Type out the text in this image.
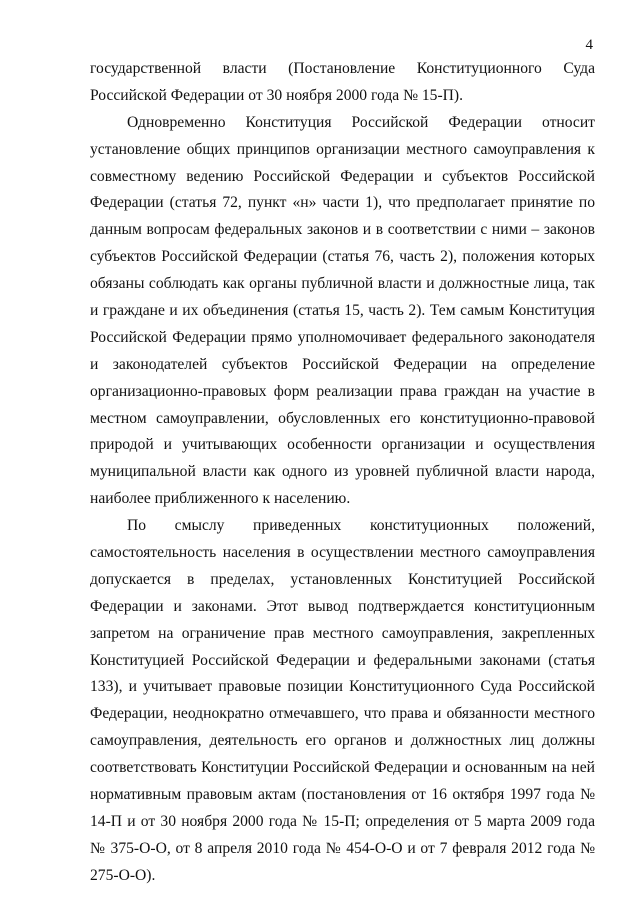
4
государственной власти (Постановление Конституционного Суда
Российской Федерации от 30 ноября 2000 года № 15-П).
Одновременно Конституция Российской Федерации относит
установление общих принципов организации местного самоуправления к
совместному ведению Российской Федерации и субъектов Российской
Федерации (статья 72, пункт «н» части 1), что предполагает принятие по
данным вопросам федеральных законов и в соответствии с ними – законов
субъектов Российской Федерации (статья 76, часть 2), положения которых
обязаны соблюдать как органы публичной власти и должностные лица, так
и граждане и их объединения (статья 15, часть 2). Тем самым Конституция
Российской Федерации прямо уполномочивает федерального законодателя
и законодателей субъектов Российской Федерации на определение
организационно-правовых форм реализации права граждан на участие в
местном самоуправлении, обусловленных его конституционно-правовой
природой и учитывающих особенности организации и осуществления
муниципальной власти как одного из уровней публичной власти народа,
наиболее приближенного к населению.
По смыслу приведенных конституционных положений,
самостоятельность населения в осуществлении местного самоуправления
допускается в пределах, установленных Конституцией Российской
Федерации и законами. Этот вывод подтверждается конституционным
запретом на ограничение прав местного самоуправления, закрепленных
Конституцией Российской Федерации и федеральными законами (статья
133), и учитывает правовые позиции Конституционного Суда Российской
Федерации, неоднократно отмечавшего, что права и обязанности местного
самоуправления, деятельность его органов и должностных лиц должны
соответствовать Конституции Российской Федерации и основанным на ней
нормативным правовым актам (постановления от 16 октября 1997 года №
14-П и от 30 ноября 2000 года № 15-П; определения от 5 марта 2009 года
№ 375-О-О, от 8 апреля 2010 года № 454-О-О и от 7 февраля 2012 года №
275-О-О).
